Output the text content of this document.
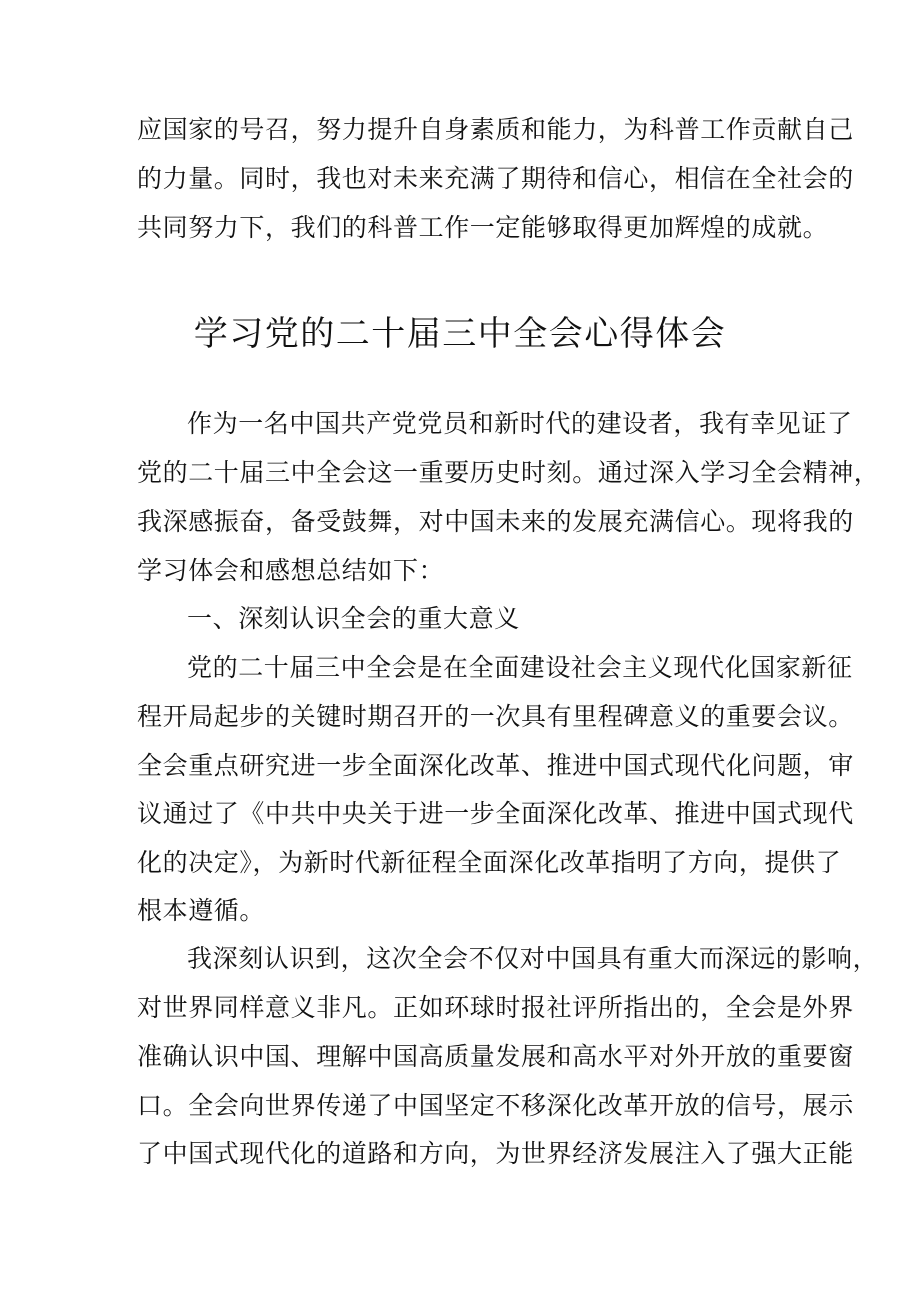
应国家的号召，努力提升自身素质和能力，为科普工作贡献自己
的力量。同时，我也对未来充满了期待和信心，相信在全社会的
共同努力下，我们的科普工作一定能够取得更加辉煌的成就。
学习党的二十届三中全会心得体会
作为一名中国共产党党员和新时代的建设者，我有幸见证了
党的二十届三中全会这一重要历史时刻。通过深入学习全会精神，
我深感振奋，备受鼓舞，对中国未来的发展充满信心。现将我的
学习体会和感想总结如下：
一、深刻认识全会的重大意义
党的二十届三中全会是在全面建设社会主义现代化国家新征
程开局起步的关键时期召开的一次具有里程碑意义的重要会议。
全会重点研究进一步全面深化改革、推进中国式现代化问题，审
议通过了《中共中央关于进一步全面深化改革、推进中国式现代
化的决定》，为新时代新征程全面深化改革指明了方向，提供了
根本遵循。
我深刻认识到，这次全会不仅对中国具有重大而深远的影响，
对世界同样意义非凡。正如环球时报社评所指出的，全会是外界
准确认识中国、理解中国高质量发展和高水平对外开放的重要窗
口。全会向世界传递了中国坚定不移深化改革开放的信号，展示
了中国式现代化的道路和方向，为世界经济发展注入了强大正能
